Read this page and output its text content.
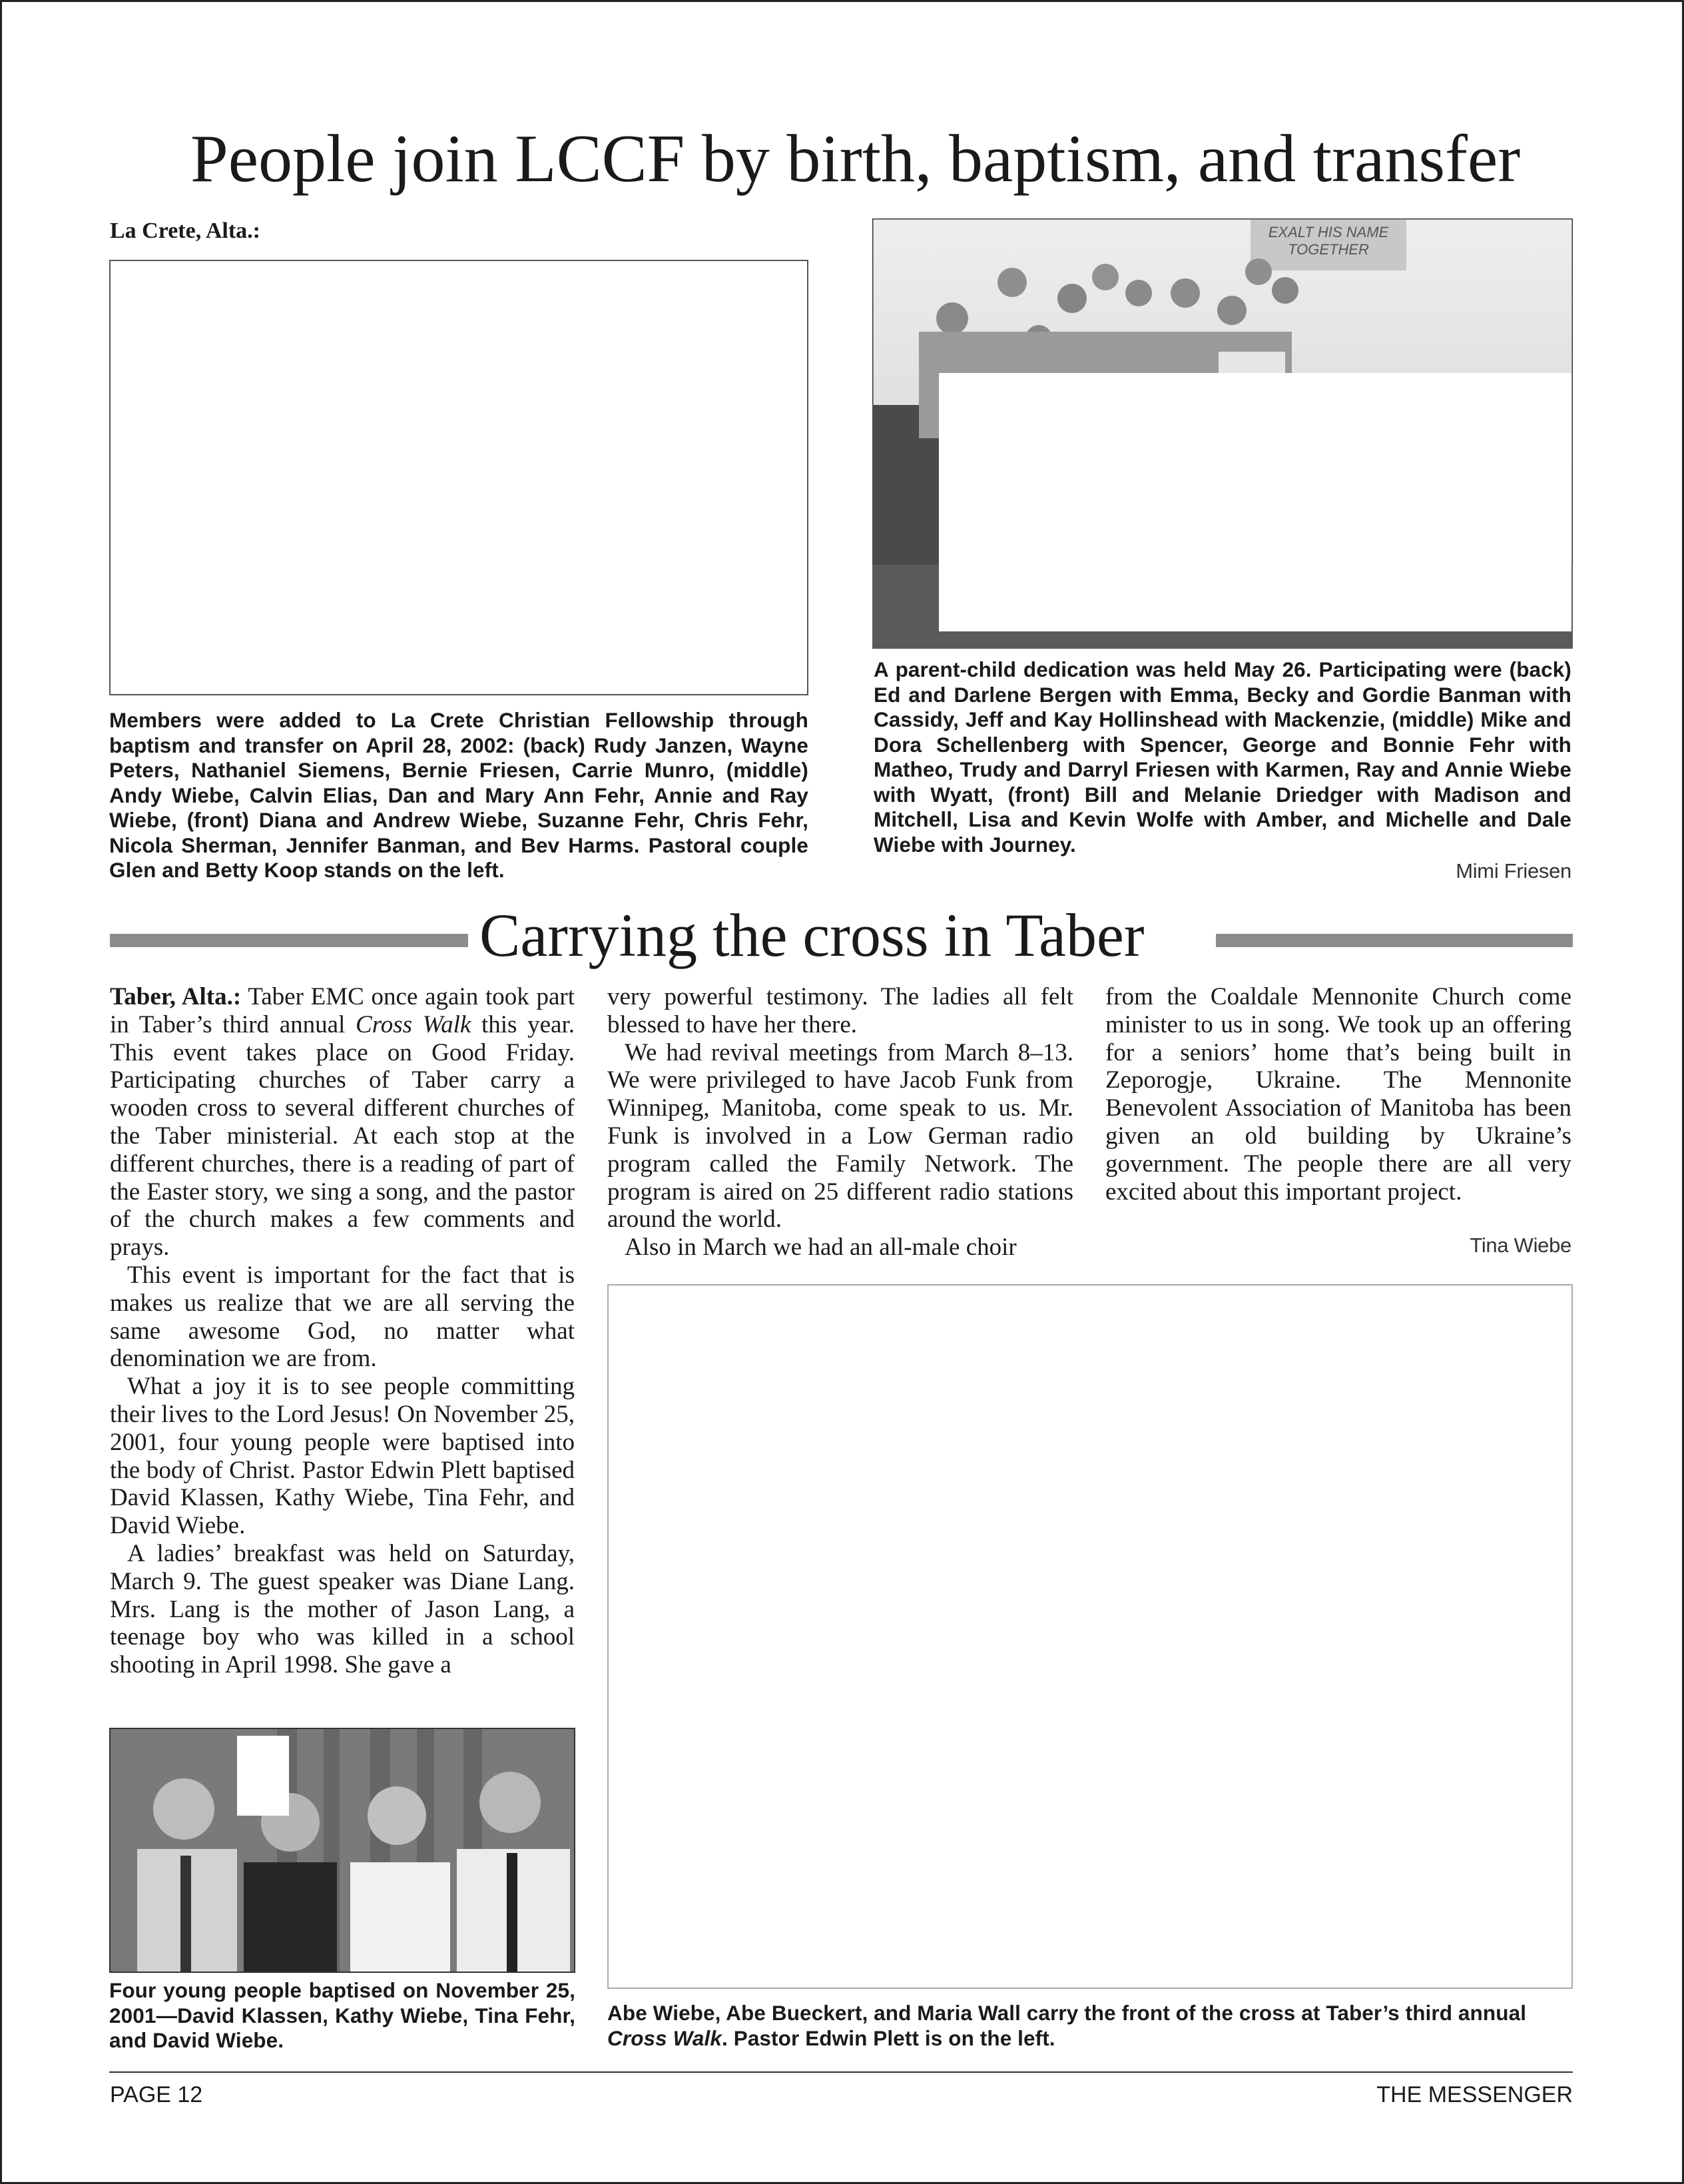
People join LCCF by birth, baptism, and transfer
La Crete, Alta.:
Members were added to La Crete Christian Fellowship through baptism and transfer on April 28, 2002: (back) Rudy Janzen, Wayne Peters, Nathaniel Siemens, Bernie Friesen, Carrie Munro, (middle) Andy Wiebe, Calvin Elias, Dan and Mary Ann Fehr, Annie and Ray Wiebe, (front) Diana and Andrew Wiebe, Suzanne Fehr, Chris Fehr, Nicola Sherman, Jennifer Banman, and Bev Harms. Pastoral couple Glen and Betty Koop stands on the left.
EXALT HIS NAME
TOGETHER
A parent-child dedication was held May 26. Participating were (back) Ed and Darlene Bergen with Emma, Becky and Gordie Banman with Cassidy, Jeff and Kay Hollinshead with Mackenzie, (middle) Mike and Dora Schellenberg with Spencer, George and Bonnie Fehr with Matheo, Trudy and Darryl Friesen with Karmen, Ray and Annie Wiebe with Wyatt, (front) Bill and Melanie Driedger with Madison and Mitchell, Lisa and Kevin Wolfe with Amber, and Michelle and Dale Wiebe with Journey.
Mimi Friesen
Carrying the cross in Taber

Taber, Alta.: Taber EMC once again took part in Taber’s third annual Cross Walk this year. This event takes place on Good Friday. Participating churches of Taber carry a wooden cross to several different churches of the Taber ministerial. At each stop at the different churches, there is a reading of part of the Easter story, we sing a song, and the pastor of the church makes a few comments and prays.

This event is important for the fact that is makes us realize that we are all serving the same awesome God, no matter what denomination we are from.

What a joy it is to see people committing their lives to the Lord Jesus! On November 25, 2001, four young people were baptised into the body of Christ. Pastor Edwin Plett baptised David Klassen, Kathy Wiebe, Tina Fehr, and David Wiebe.

A ladies’ breakfast was held on Saturday, March 9. The guest speaker was Diane Lang. Mrs. Lang is the mother of Jason Lang, a teenage boy who was killed in a school shooting in April 1998. She gave a

very powerful testimony. The ladies all felt blessed to have her there.

We had revival meetings from March 8–13. We were privileged to have Jacob Funk from Winnipeg, Manitoba, come speak to us. Mr. Funk is involved in a Low German radio program called the Family Network. The program is aired on 25 different radio stations around the world.

Also in March we had an all-male choir

from the Coaldale Mennonite Church come minister to us in song. We took up an offering for a seniors’ home that’s being built in Zeporogje, Ukraine. The Mennonite Benevolent Association of Manitoba has been given an old building by Ukraine’s government. The people there are all very excited about this important project.

Tina Wiebe
Four young people baptised on November 25, 2001—David Klassen, Kathy Wiebe, Tina Fehr, and David Wiebe.
Abe Wiebe, Abe Bueckert, and Maria Wall carry the front of the cross at Taber’s third annual Cross Walk. Pastor Edwin Plett is on the left.
PAGE 12	THE MESSENGER
